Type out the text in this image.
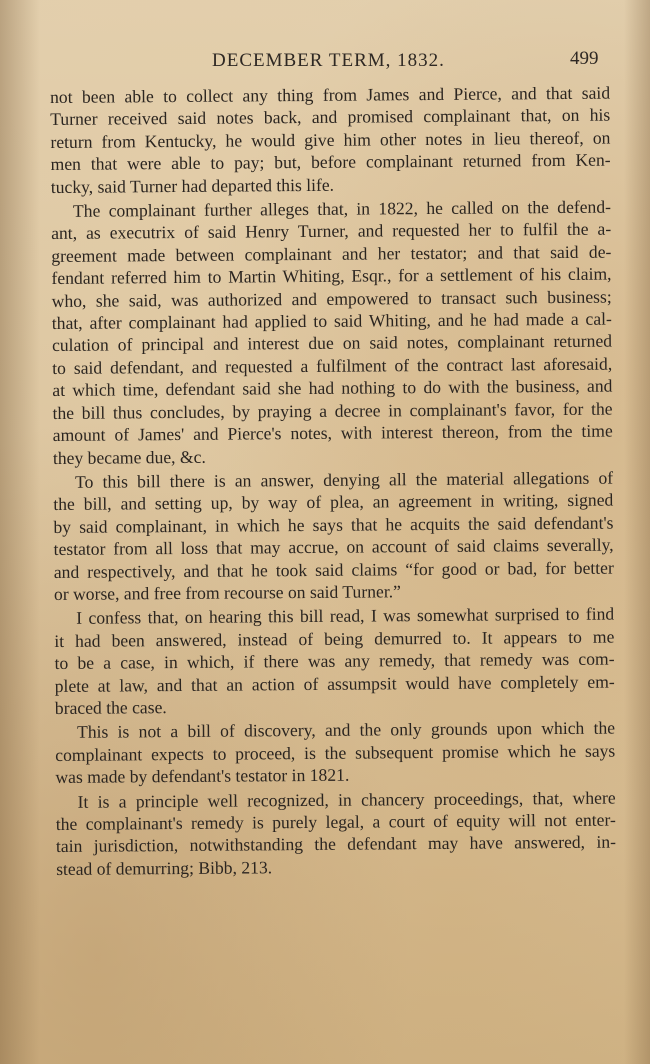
DECEMBER TERM, 1832.	499
not been able to collect any thing from James and Pierce, and that said
Turner received said notes back, and promised complainant that, on his
return from Kentucky, he would give him other notes in lieu thereof, on
men that were able to pay; but, before complainant returned from Ken-
tucky, said Turner had departed this life.
The complainant further alleges that, in 1822, he called on the defend-
ant, as executrix of said Henry Turner, and requested her to fulfil the a-
greement made between complainant and her testator; and that said de-
fendant referred him to Martin Whiting, Esqr., for a settlement of his claim,
who, she said, was authorized and empowered to transact such business;
that, after complainant had applied to said Whiting, and he had made a cal-
culation of principal and interest due on said notes, complainant returned
to said defendant, and requested a fulfilment of the contract last aforesaid,
at which time, defendant said she had nothing to do with the business, and
the bill thus concludes, by praying a decree in complainant's favor, for the
amount of James' and Pierce's notes, with interest thereon, from the time
they became due, &c.
To this bill there is an answer, denying all the material allegations of
the bill, and setting up, by way of plea, an agreement in writing, signed
by said complainant, in which he says that he acquits the said defendant's
testator from all loss that may accrue, on account of said claims severally,
and respectively, and that he took said claims “for good or bad, for better
or worse, and free from recourse on said Turner.”
I confess that, on hearing this bill read, I was somewhat surprised to find
it had been answered, instead of being demurred to. It appears to me
to be a case, in which, if there was any remedy, that remedy was com-
plete at law, and that an action of assumpsit would have completely em-
braced the case.
This is not a bill of discovery, and the only grounds upon which the
complainant expects to proceed, is the subsequent promise which he says
was made by defendant's testator in 1821.
It is a principle well recognized, in chancery proceedings, that, where
the complainant's remedy is purely legal, a court of equity will not enter-
tain jurisdiction, notwithstanding the defendant may have answered, in-
stead of demurring; Bibb, 213.
